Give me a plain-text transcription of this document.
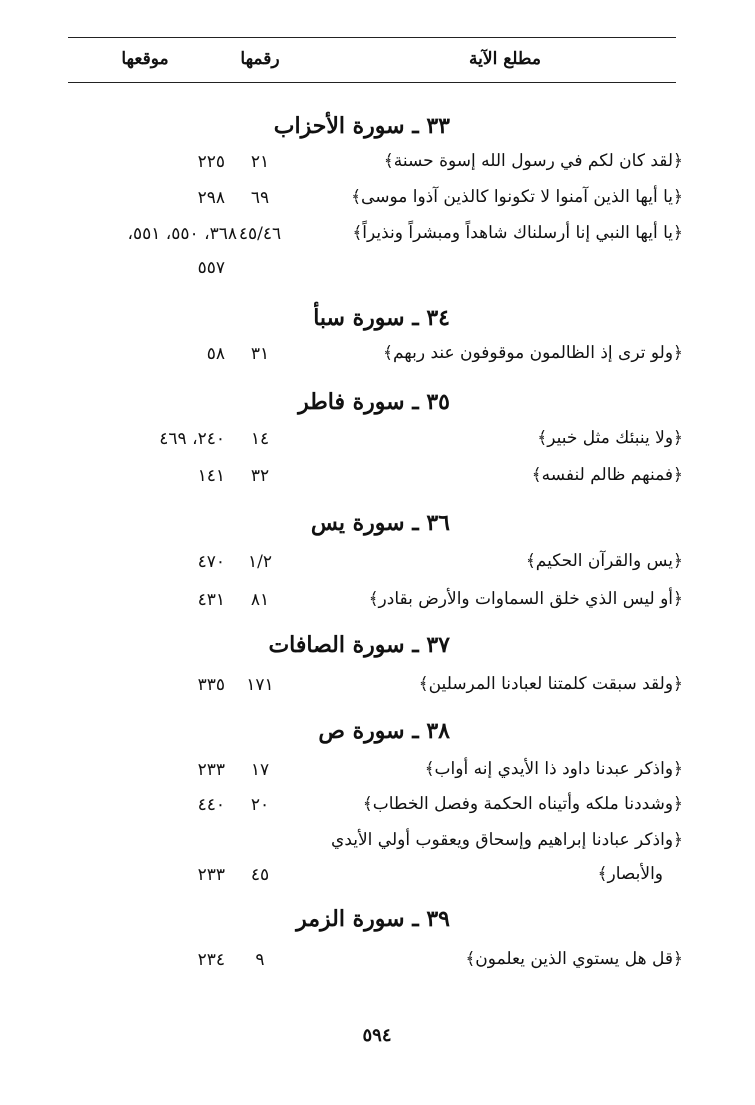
مطلع الآية
رقمها
موقعها
٣٣ ـ سورة الأحزاب
﴿لقد كان لكم في رسول الله إسوة حسنة﴾
٢١
٢٢٥
﴿يا أيها الذين آمنوا لا تكونوا كالذين آذوا موسى﴾
٦٩
٢٩٨
﴿يا أيها النبي إنا أرسلناك شاهداً ومبشراً ونذيراً﴾
٤٥/٤٦
٣٦٨، ٥٥٠، ٥٥١،
٥٥٧
٣٤ ـ سورة سبأ
﴿ولو ترى إذ الظالمون موقوفون عند ربهم﴾
٣١
٥٨
٣٥ ـ سورة فاطر
﴿ولا ينبئك مثل خبير﴾
١٤
٢٤٠، ٤٦٩
﴿فمنهم ظالم لنفسه﴾
٣٢
١٤١
٣٦ ـ سورة يس
﴿يس والقرآن الحكيم﴾
١/٢
٤٧٠
﴿أو ليس الذي خلق السماوات والأرض بقادر﴾
٨١
٤٣١
٣٧ ـ سورة الصافات
﴿ولقد سبقت كلمتنا لعبادنا المرسلين﴾
١٧١
٣٣٥
٣٨ ـ سورة ص
﴿واذكر عبدنا داود ذا الأيدي إنه أواب﴾
١٧
٢٣٣
﴿وشددنا ملكه وأتيناه الحكمة وفصل الخطاب﴾
٢٠
٤٤٠
﴿واذكر عبادنا إبراهيم وإسحاق ويعقوب أولي الأيدي
والأبصار﴾
٤٥
٢٣٣
٣٩ ـ سورة الزمر
﴿قل هل يستوي الذين يعلمون﴾
٩
٢٣٤
٥٩٤
